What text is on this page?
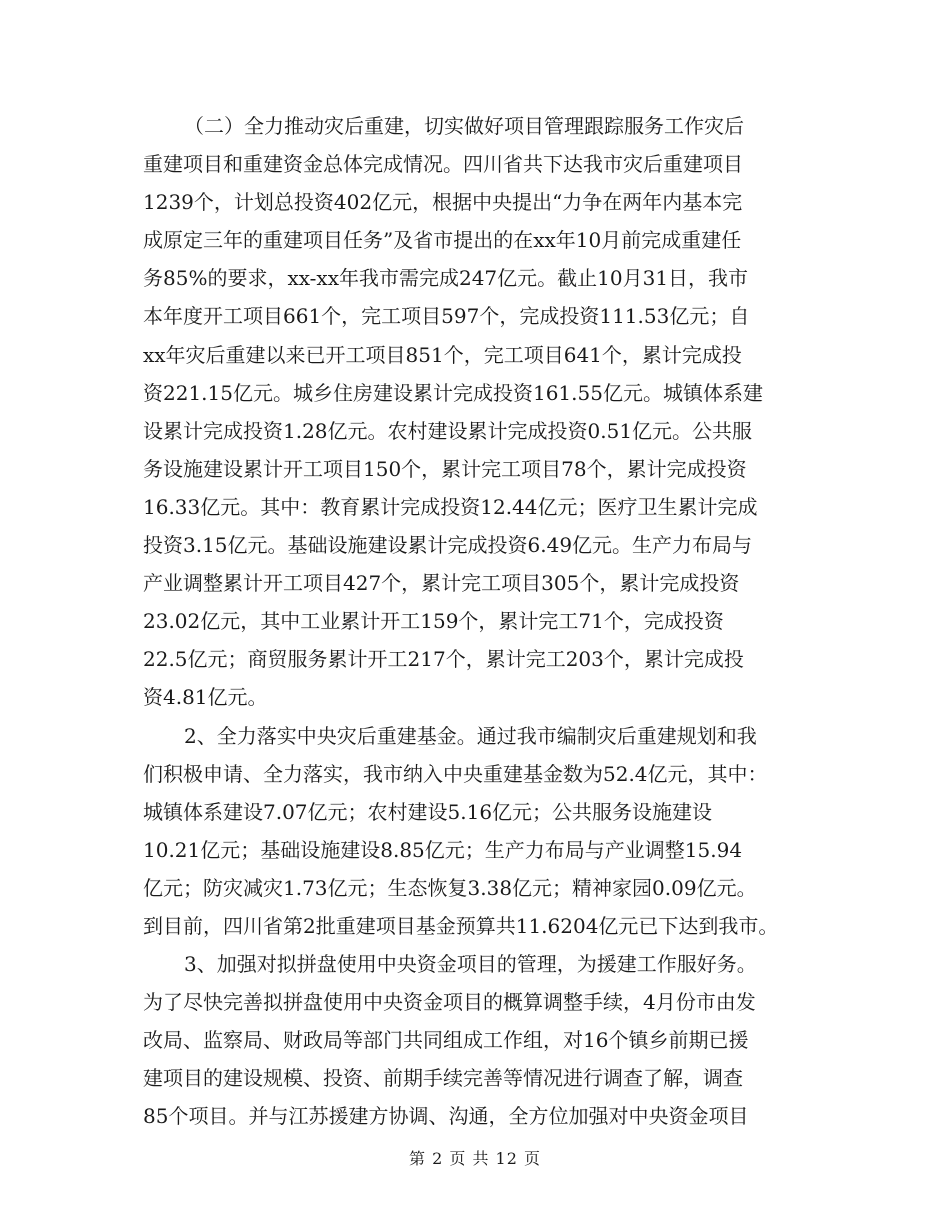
（二）全力推动灾后重建，切实做好项目管理跟踪服务工作灾后
重建项目和重建资金总体完成情况。四川省共下达我市灾后重建项目
1239个，计划总投资402亿元，根据中央提出“力争在两年内基本完
成原定三年的重建项目任务”及省市提出的在xx年10月前完成重建任
务85%的要求，xx-xx年我市需完成247亿元。截止10月31日，我市
本年度开工项目661个，完工项目597个，完成投资111.53亿元；自
xx年灾后重建以来已开工项目851个，完工项目641个，累计完成投
资221.15亿元。城乡住房建设累计完成投资161.55亿元。城镇体系建
设累计完成投资1.28亿元。农村建设累计完成投资0.51亿元。公共服
务设施建设累计开工项目150个，累计完工项目78个，累计完成投资
16.33亿元。其中：教育累计完成投资12.44亿元；医疗卫生累计完成
投资3.15亿元。基础设施建设累计完成投资6.49亿元。生产力布局与
产业调整累计开工项目427个，累计完工项目305个，累计完成投资
23.02亿元，其中工业累计开工159个，累计完工71个，完成投资
22.5亿元；商贸服务累计开工217个，累计完工203个，累计完成投
资4.81亿元。
2、全力落实中央灾后重建基金。通过我市编制灾后重建规划和我
们积极申请、全力落实，我市纳入中央重建基金数为52.4亿元，其中：
城镇体系建设7.07亿元；农村建设5.16亿元；公共服务设施建设
10.21亿元；基础设施建设8.85亿元；生产力布局与产业调整15.94
亿元；防灾减灾1.73亿元；生态恢复3.38亿元；精神家园0.09亿元。
到目前，四川省第2批重建项目基金预算共11.6204亿元已下达到我市。
3、加强对拟拼盘使用中央资金项目的管理，为援建工作服好务。
为了尽快完善拟拼盘使用中央资金项目的概算调整手续，4月份市由发
改局、监察局、财政局等部门共同组成工作组，对16个镇乡前期已援
建项目的建设规模、投资、前期手续完善等情况进行调查了解，调查
85个项目。并与江苏援建方协调、沟通，全方位加强对中央资金项目
第 2 页 共 12 页
